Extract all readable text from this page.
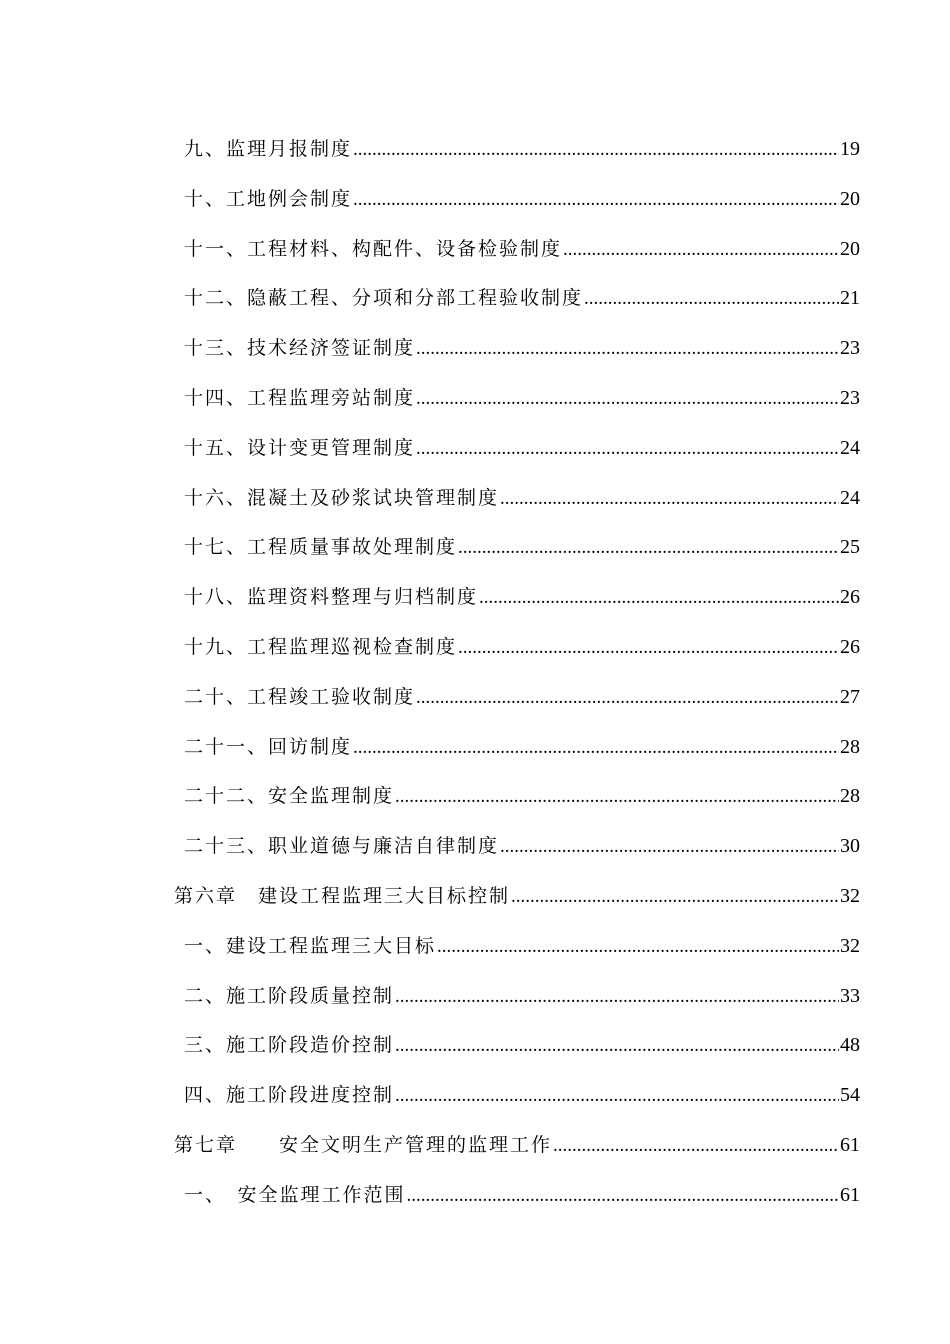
九、监理月报制度 .....	19
十、工地例会制度 .....	20
十一、工程材料、构配件、设备检验制度 .....	20
十二、隐蔽工程、分项和分部工程验收制度 .....	21
十三、技术经济签证制度 .....	23
十四、工程监理旁站制度 .....	23
十五、设计变更管理制度 .....	24
十六、混凝土及砂浆试块管理制度 .....	24
十七、工程质量事故处理制度 .....	25
十八、监理资料整理与归档制度 .....	26
十九、工程监理巡视检查制度 .....	26
二十、工程竣工验收制度 .....	27
二十一、回访制度 .....	28
二十二、安全监理制度 .....	28
二十三、职业道德与廉洁自律制度 .....	30
第六章　建设工程监理三大目标控制 .....	32
一、建设工程监理三大目标 .....	32
二、施工阶段质量控制 .....	33
三、施工阶段造价控制 .....	48
四、施工阶段进度控制 .....	54
第七章　　安全文明生产管理的监理工作 .....	61
一、　安全监理工作范围 .....	61
